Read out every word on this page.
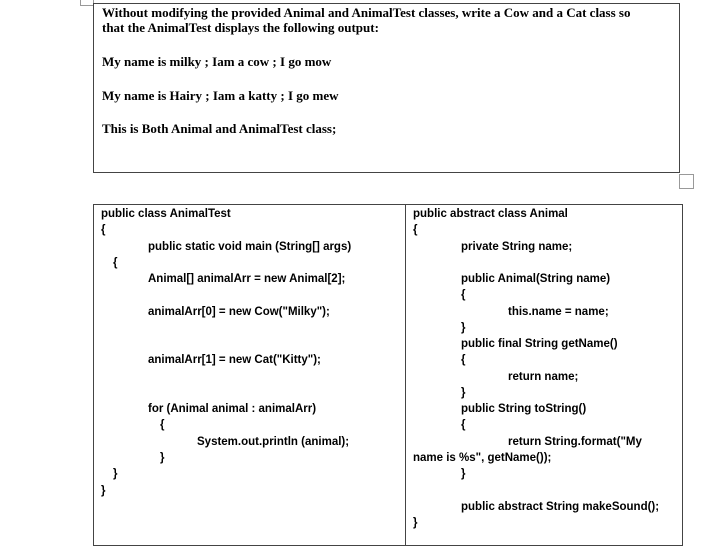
Without modifying the provided Animal and AnimalTest classes, write a Cow and a Cat class so
that the AnimalTest displays the following output:
My name is milky ; Iam a cow ; I go mow
My name is Hairy ; Iam a katty ; I go mew
This is Both Animal and AnimalTest class;
public class AnimalTest
{
public static void main (String[] args)
{
Animal[] animalArr = new Animal[2];
animalArr[0] = new Cow("Milky");
animalArr[1] = new Cat("Kitty");
for (Animal animal : animalArr)
{
System.out.println (animal);
}
}
}
public abstract class Animal
{
private String name;
public Animal(String name)
{
this.name = name;
}
public final String getName()
{
return name;
}
public String toString()
{
return String.format("My
name is %s", getName());
}
public abstract String makeSound();
}
